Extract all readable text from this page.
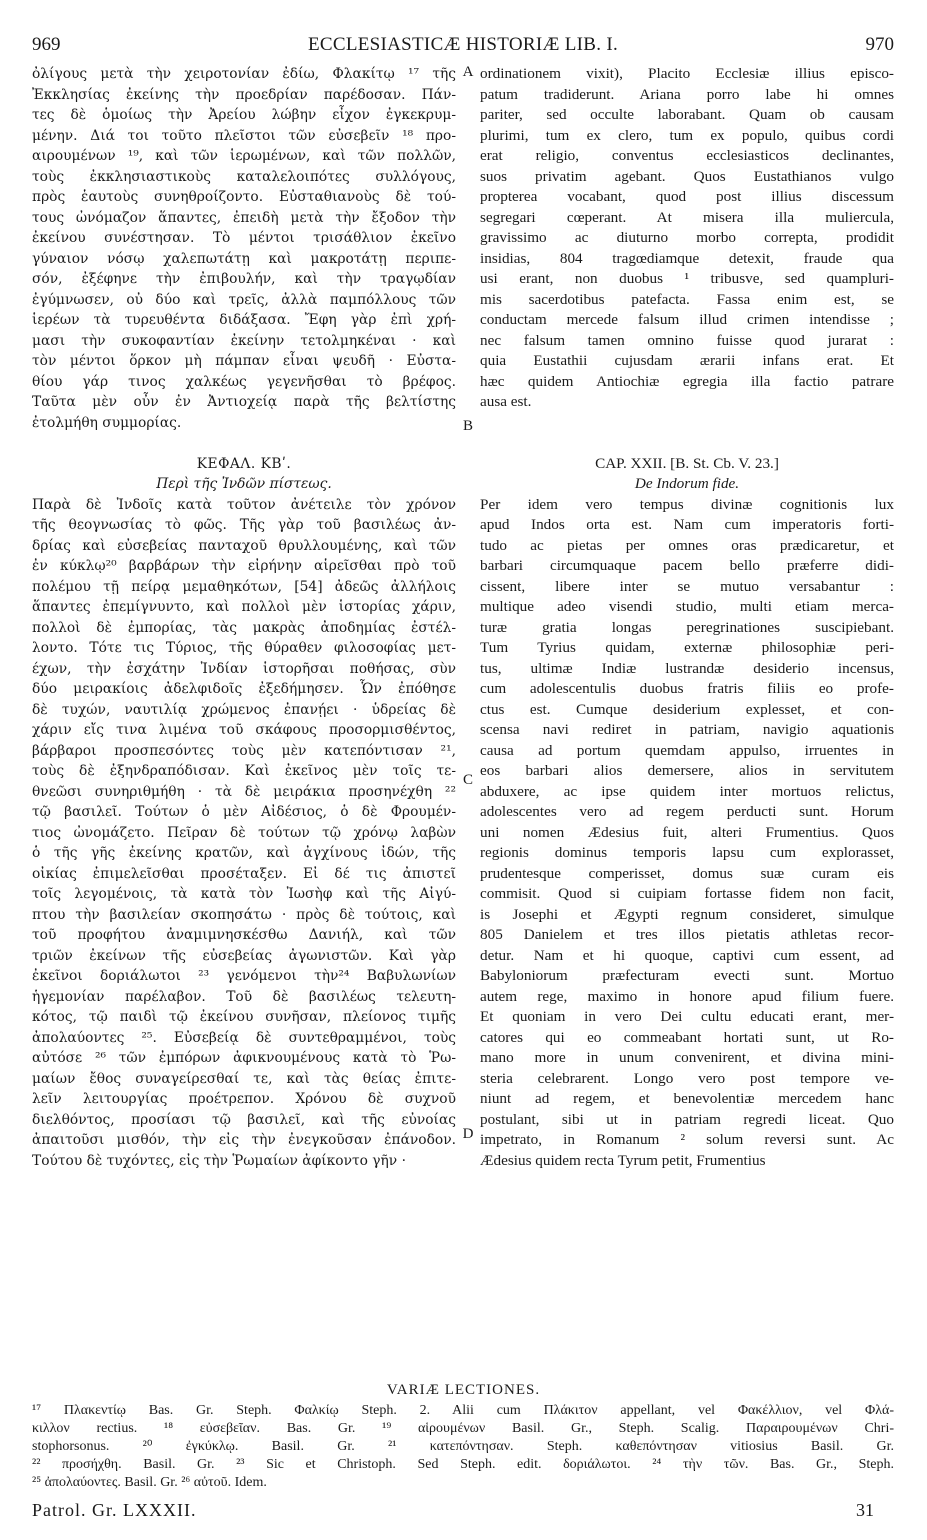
969	ECCLESIASTICÆ HISTORIÆ LIB. I.	970
ὀλίγους μετὰ τὴν χειροτονίαν ἐδίω, Φλακίτῳ ¹⁷ τῆς
Ἐκκλησίας ἐκείνης τὴν προεδρίαν παρέδοσαν. Πάν-
τες δὲ ὁμοίως τὴν Ἀρείου λώβην εἶχον ἐγκεκρυμ-
μένην. Διά τοι τοῦτο πλεῖστοι τῶν εὐσεβεῖν ¹⁸ προ-
αιρουμένων ¹⁹, καὶ τῶν ἱερωμένων, καὶ τῶν πολλῶν,
τοὺς ἐκκλησιαστικοὺς καταλελοιπότες συλλόγους,
πρὸς ἑαυτοὺς συνηθροίζοντο. Εὐσταθιανοὺς δὲ τού-
τους ὠνόμαζον ἅπαντες, ἐπειδὴ μετὰ τὴν ἔξοδον τὴν
ἐκείνου συνέστησαν. Τὸ μέντοι τρισάθλιον ἐκεῖνο
γύναιον νόσῳ χαλεπωτάτῃ καὶ μακροτάτῃ περιπε-
σόν, ἐξέφηνε τὴν ἐπιβουλήν, καὶ τὴν τραγῳδίαν
ἐγύμνωσεν, οὐ δύο καὶ τρεῖς, ἀλλὰ παμπόλλους τῶν
ἱερέων τὰ τυρευθέντα διδάξασα. Ἔφη γὰρ ἐπὶ χρή-
μασι τὴν συκοφαντίαν ἐκείνην τετολμηκέναι · καὶ
τὸν μέντοι ὅρκον μὴ πάμπαν εἶναι ψευδῆ · Εὐστα-
θίου γάρ τινος χαλκέως γεγενῆσθαι τὸ βρέφος.
Ταῦτα μὲν οὖν ἐν Ἀντιοχείᾳ παρὰ τῆς βελτίστης
ἐτολμήθη συμμορίας.
ΚΕΦΑΛ. ΚΒʹ.
Περὶ τῆς Ἰνδῶν πίστεως.
Παρὰ δὲ Ἰνδοῖς κατὰ τοῦτον ἀνέτειλε τὸν χρόνον
τῆς θεογνωσίας τὸ φῶς. Τῆς γὰρ τοῦ βασιλέως ἀν-
δρίας καὶ εὐσεβείας πανταχοῦ θρυλλουμένης, καὶ τῶν
ἐν κύκλῳ²⁰ βαρβάρων τὴν εἰρήνην αἱρεῖσθαι πρὸ τοῦ
πολέμου τῇ πείρᾳ μεμαθηκότων, [54] ἀδεῶς ἀλλήλοις
ἅπαντες ἐπεμίγνυντο, καὶ πολλοὶ μὲν ἱστορίας χάριν,
πολλοὶ δὲ ἐμπορίας, τὰς μακρὰς ἀποδημίας ἐστέλ-
λοντο. Τότε τις Τύριος, τῆς θύραθεν φιλοσοφίας μετ-
έχων, τὴν ἐσχάτην Ἰνδίαν ἱστορῆσαι ποθήσας, σὺν
δύο μειρακίοις ἀδελφιδοῖς ἐξεδήμησεν. Ὧν ἐπόθησε
δὲ τυχών, ναυτιλίᾳ χρώμενος ἐπανῄει · ὑδρείας δὲ
χάριν εἴς τινα λιμένα τοῦ σκάφους προσορμισθέντος,
βάρβαροι προσπεσόντες τοὺς μὲν κατεπόντισαν ²¹,
τοὺς δὲ ἐξηνδραπόδισαν. Καὶ ἐκεῖνος μὲν τοῖς τε-
θνεῶσι συνηριθμήθη · τὰ δὲ μειράκια προσηνέχθη ²²
τῷ βασιλεῖ. Τούτων ὁ μὲν Αἰδέσιος, ὁ δὲ Φρουμέν-
τιος ὠνομάζετο. Πεῖραν δὲ τούτων τῷ χρόνῳ λαβὼν
ὁ τῆς γῆς ἐκείνης κρατῶν, καὶ ἀγχίνους ἰδών, τῆς
οἰκίας ἐπιμελεῖσθαι προσέταξεν. Εἰ δέ τις ἀπιστεῖ
τοῖς λεγομένοις, τὰ κατὰ τὸν Ἰωσὴφ καὶ τῆς Αἰγύ-
πτου τὴν βασιλείαν σκοπησάτω · πρὸς δὲ τούτοις, καὶ
τοῦ προφήτου ἀναμιμνησκέσθω Δανιήλ, καὶ τῶν
τριῶν ἐκείνων τῆς εὐσεβείας ἀγωνιστῶν. Καὶ γὰρ
ἐκεῖνοι δοριάλωτοι ²³ γενόμενοι τὴν²⁴ Βαβυλωνίων
ἡγεμονίαν παρέλαβον. Τοῦ δὲ βασιλέως τελευτη-
κότος, τῷ παιδὶ τῷ ἐκείνου συνῆσαν, πλείονος τιμῆς
ἀπολαύοντες ²⁵. Εὐσεβείᾳ δὲ συντεθραμμένοι, τοὺς
αὐτόσε ²⁶ τῶν ἐμπόρων ἀφικνουμένους κατὰ τὸ Ῥω-
μαίων ἔθος συναγείρεσθαί τε, καὶ τὰς θείας ἐπιτε-
λεῖν λειτουργίας προέτρεπον. Χρόνου δὲ συχνοῦ
διελθόντος, προσίασι τῷ βασιλεῖ, καὶ τῆς εὐνοίας
ἀπαιτοῦσι μισθόν, τὴν εἰς τὴν ἐνεγκοῦσαν ἐπάνοδον.
Τούτου δὲ τυχόντες, εἰς τὴν Ῥωμαίων ἀφίκοντο γῆν ·
ordinationem vixit), Placito Ecclesiæ illius episco-
patum tradiderunt. Ariana porro labe hi omnes
pariter, sed occulte laborabant. Quam ob causam
plurimi, tum ex clero, tum ex populo, quibus cordi
erat religio, conventus ecclesiasticos declinantes,
suos privatim agebant. Quos Eustathianos vulgo
propterea vocabant, quod post illius discessum
segregari cœperant. At misera illa muliercula,
gravissimo ac diuturno morbo correpta, prodidit
insidias, 804 tragœdiamque detexit, fraude qua
usi erant, non duobus ¹ tribusve, sed quampluri-
mis sacerdotibus patefacta. Fassa enim est, se
conductam mercede falsum illud crimen intendisse ;
nec falsum tamen omnino fuisse quod jurarat :
quia Eustathii cujusdam ærarii infans erat. Et
hæc quidem Antiochiæ egregia illa factio patrare
ausa est.
CAP. XXII. [B. St. Cb. V. 23.]
De Indorum fide.
Per idem vero tempus divinæ cognitionis lux
apud Indos orta est. Nam cum imperatoris forti-
tudo ac pietas per omnes oras prædicaretur, et
barbari circumquaque pacem bello præferre didi-
cissent, libere inter se mutuo versabantur :
multique adeo visendi studio, multi etiam merca-
turæ gratia longas peregrinationes suscipiebant.
Tum Tyrius quidam, externæ philosophiæ peri-
tus, ultimæ Indiæ lustrandæ desiderio incensus,
cum adolescentulis duobus fratris filiis eo profe-
ctus est. Cumque desiderium explesset, et con-
scensa navi rediret in patriam, navigio aquationis
causa ad portum quemdam appulso, irruentes in
eos barbari alios demersere, alios in servitutem
abduxere, ac ipse quidem inter mortuos relictus,
adolescentes vero ad regem perducti sunt. Horum
uni nomen Ædesius fuit, alteri Frumentius. Quos
regionis dominus temporis lapsu cum explorasset,
prudentesque comperisset, domus suæ curam eis
commisit. Quod si cuipiam fortasse fidem non facit,
is Josephi et Ægypti regnum consideret, simulque
805 Danielem et tres illos pietatis athletas recor-
detur. Nam et hi quoque, captivi cum essent, ad
Babyloniorum præfecturam evecti sunt. Mortuo
autem rege, maximo in honore apud filium fuere.
Et quoniam in vero Dei cultu educati erant, mer-
catores qui eo commeabant hortati sunt, ut Ro-
mano more in unum convenirent, et divina mini-
steria celebrarent. Longo vero post tempore ve-
niunt ad regem, et benevolentiæ mercedem hanc
postulant, sibi ut in patriam regredi liceat. Quo
impetrato, in Romanum ² solum reversi sunt. Ac
Ædesius quidem recta Tyrum petit, Frumentius
A
B
C
D
VARIÆ LECTIONES.
¹⁷ Πλακεντίῳ Bas. Gr. Steph. Φαλκίῳ Steph. 2. Alii cum Πλάκιτον appellant, vel Φακέλλιον, vel Φλά-
κιλλον rectius. ¹⁸ εὐσεβεῖαν. Bas. Gr. ¹⁹ αἱρουμένων Basil. Gr., Steph. Scalig. Παραιρουμένων Chri-
stophorsonus. ²⁰ ἐγκύκλῳ. Basil. Gr. ²¹ κατεπόντησαν. Steph. καθεπόντησαν vitiosius Basil. Gr.
²² προσήχθη. Basil. Gr. ²³ Sic et Christoph. Sed Steph. edit. δοριάλωτοι. ²⁴ τὴν τῶν. Bas. Gr., Steph.
²⁵ ἀπολαύοντες. Basil. Gr. ²⁶ αὐτοῦ. Idem.
Patrol. Gr. LXXXII.	31
